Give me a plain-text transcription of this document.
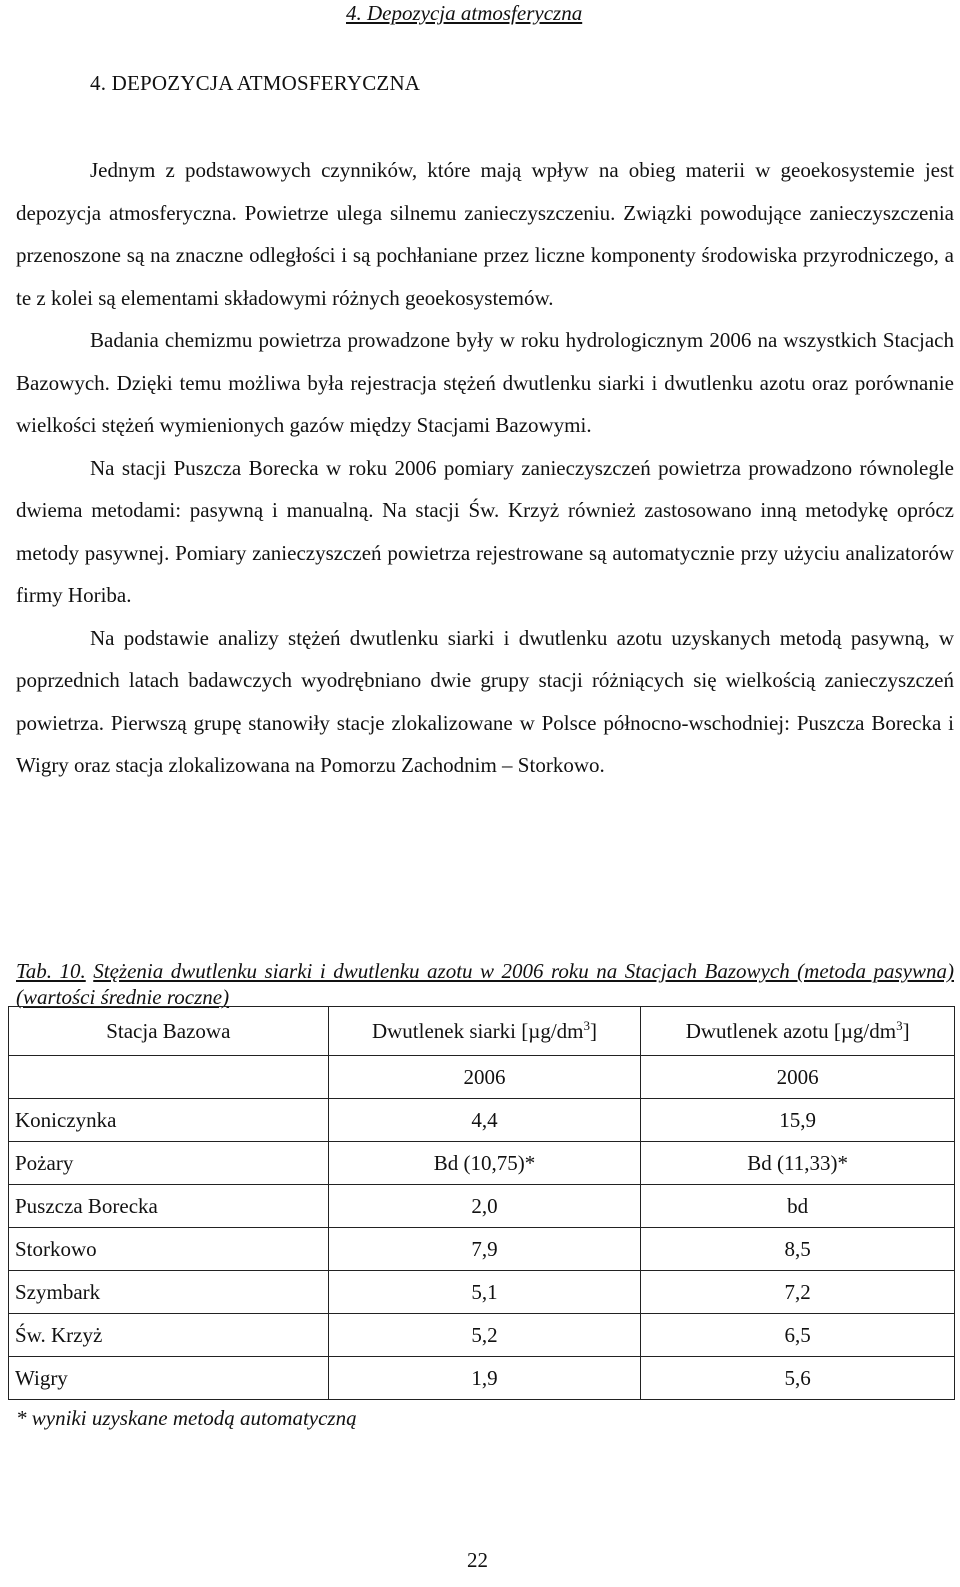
4. Depozycja atmosferyczna
4. DEPOZYCJA ATMOSFERYCZNA

Jednym z podstawowych czynników, które mają wpływ na obieg materii w geoekosystemie jest depozycja atmosferyczna. Powietrze ulega silnemu zanieczyszczeniu. Związki powodujące zanieczyszczenia przenoszone są na znaczne odległości i są pochłaniane przez liczne komponenty środowiska przyrodniczego, a te z kolei są elementami składowymi różnych geoekosystemów.

Badania chemizmu powietrza prowadzone były w roku hydrologicznym 2006 na wszystkich Stacjach Bazowych. Dzięki temu możliwa była rejestracja stężeń dwutlenku siarki i dwutlenku azotu oraz porównanie wielkości stężeń wymienionych gazów między Stacjami Bazowymi.

Na stacji Puszcza Borecka w roku 2006 pomiary zanieczyszczeń powietrza prowadzono równolegle dwiema metodami: pasywną i manualną. Na stacji Św. Krzyż również zastosowano inną metodykę oprócz metody pasywnej. Pomiary zanieczyszczeń powietrza rejestrowane są automatycznie przy użyciu analizatorów firmy Horiba.

Na podstawie analizy stężeń dwutlenku siarki i dwutlenku azotu uzyskanych metodą pasywną, w poprzednich latach badawczych wyodrębniano dwie grupy stacji różniących się wielkością zanieczyszczeń powietrza. Pierwszą grupę stanowiły stacje zlokalizowane w Polsce północno-wschodniej: Puszcza Borecka i Wigry oraz stacja zlokalizowana na Pomorzu Zachodnim – Storkowo.

Tab. 10. Stężenia dwutlenku siarki i dwutlenku azotu w 2006 roku na Stacjach Bazowych (metoda pasywna) (wartości średnie roczne)
Stacja Bazowa	Dwutlenek siarki $[\mu g/dm^3]$	Dwutlenek azotu $[\mu g/dm^3]$
	2006	2006
Koniczynka	4,4	15,9
Pożary	Bd (10,75)*	Bd (11,33)*
Puszcza Borecka	2,0	bd
Storkowo	7,9	8,5
Szymbark	5,1	7,2
Św. Krzyż	5,2	6,5
Wigry	1,9	5,6
* wyniki uzyskane metodą automatyczną
22
